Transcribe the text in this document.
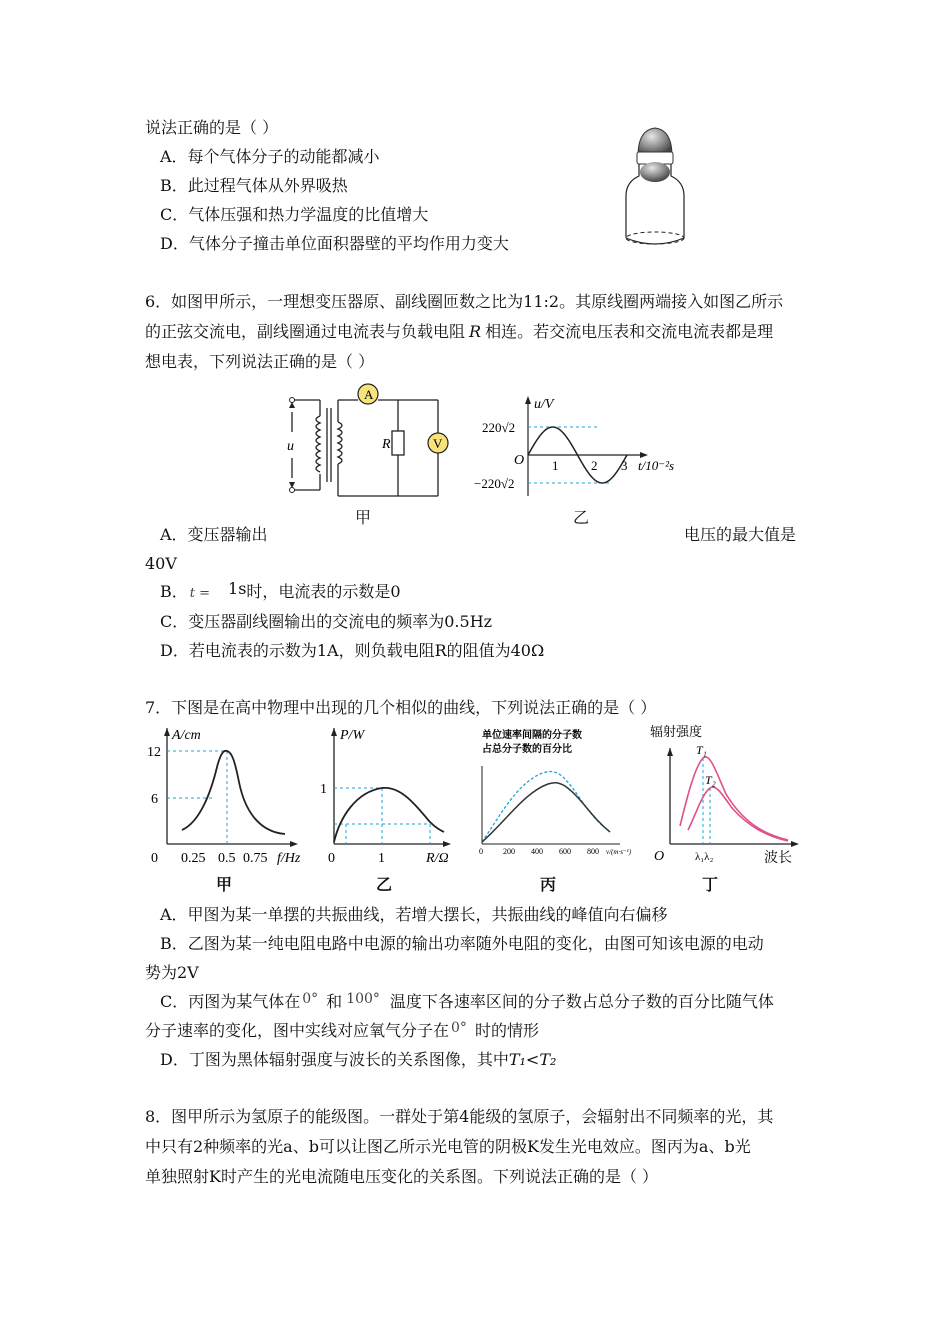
说法正确的是（ ）
A．每个气体分子的动能都减小
B．此过程气体从外界吸热
C．气体压强和热力学温度的比值增大
D．气体分子撞击单位面积器壁的平均作用力变大
6．如图甲所示，一理想变压器原、副线圈匝数之比为11:2。其原线圈两端接入如图乙所示
的正弦交流电，副线圈通过电流表与负载电阻 R 相连。若交流电压表和交流电流表都是理
想电表，下列说法正确的是（ ）
A
V
R
u
甲
u/V
220√2
−220√2
O 1	2 3 t/10⁻²s
乙
A．变压器输出	电压的最大值是
40V
B． t = 1s时，电流表的示数是0
C．变压器副线圈输出的交流电的频率为0.5Hz
D．若电流表的示数为1A，则负载电阻R的阻值为40Ω
7．下图是在高中物理中出现的几个相似的曲线，下列说法正确的是（ ）
A/cm
12
6
0 0.25 0.5 0.75 f/Hz
甲
P/W
1
0	1	R/Ω
乙
单位速率间隔的分子数
占总分子数的百分比
0	200 400 600 800 v/(m·s⁻¹)
丙
辐射强度
T₁
T₂
O	λ₁λ₂	波长
丁
A．甲图为某一单摆的共振曲线，若增大摆长，共振曲线的峰值向右偏移
B．乙图为某一纯电阻电路中电源的输出功率随外电阻的变化，由图可知该电源的电动
势为2V
C．丙图为某气体在 0° 和 100° 温度下各速率区间的分子数占总分子数的百分比随气体
分子速率的变化，图中实线对应氧气分子在 0° 时的情形
D．丁图为黑体辐射强度与波长的关系图像，其中T₁<T₂
8．图甲所示为氢原子的能级图。一群处于第4能级的氢原子，会辐射出不同频率的光，其
中只有2种频率的光a、b可以让图乙所示光电管的阴极K发生光电效应。图丙为a、b光
单独照射K时产生的光电流随电压变化的关系图。下列说法正确的是（ ）
